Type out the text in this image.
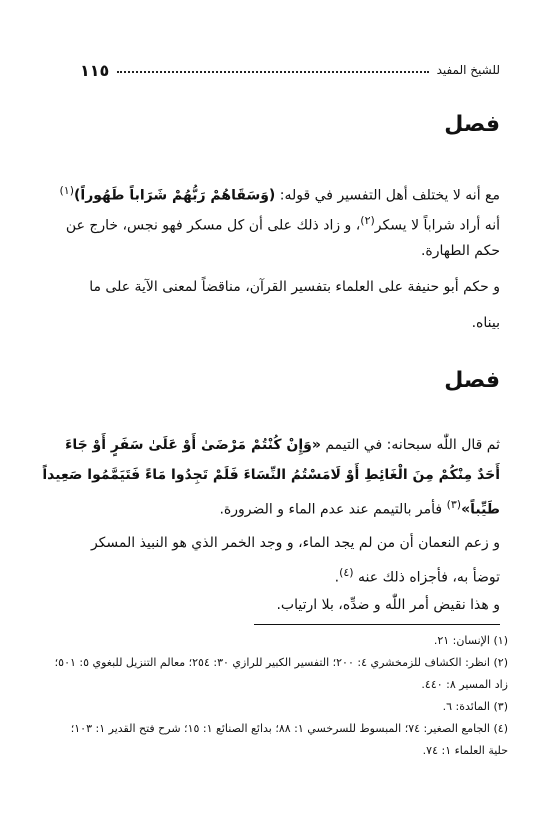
للشيخ المفيد
١١٥
فصل
مع أنه لا يختلف أهل التفسير في قوله: (وَسَقَاهُمْ رَبُّهُمْ شَرَاباً طَهُوراً)$^{(١)}$
أنه أراد شراباً لا يسكر$^{(٢)}$، و زاد ذلك على أن كل مسكر فهو نجس، خارج عن
حكم الطهارة.
و حكم أبو حنيفة على العلماء بتفسير القرآن، مناقضاً لمعنى الآية على ما
بيناه.
فصل
ثم قال اللّٰه سبحانه: في التيمم «وَإِنْ كُنْتُمْ مَرْضَىٰ أَوْ عَلَىٰ سَفَرٍ أَوْ جَاءَ
أَحَدٌ مِنْكُمْ مِنَ الْغَائِطِ أَوْ لَامَسْتُمُ النِّسَاءَ فَلَمْ تَجِدُوا مَاءً فَتَيَمَّمُوا صَعِيداً
طَيِّباً»$^{(٣)}$ فأمر بالتيمم عند عدم الماء و الضرورة.
و زعم النعمان أن من لم يجد الماء، و وجد الخمر الذي هو النبيذ المسكر
توضأ به، فأجزاه ذلك عنه $^{(٤)}$.
و هذا نقيض أمر اللّٰه و ضدِّه، بلا ارتياب.
(١) الإنسان: ٢١.
(٢) انظر: الكشاف للزمخشري ٤: ٢٠٠؛ التفسير الكبير للرازي ٣٠: ٢٥٤؛ معالم التنزيل للبغوي ٥: ٥٠١؛
زاد المسير ٨: ٤٤٠.
(٣) المائدة: ٦.
(٤) الجامع الصغير: ٧٤؛ المبسوط للسرخسي ١: ٨٨؛ بدائع الصنائع ١: ١٥؛ شرح فتح القدير ١: ١٠٣؛
حلية العلماء ١: ٧٤.
